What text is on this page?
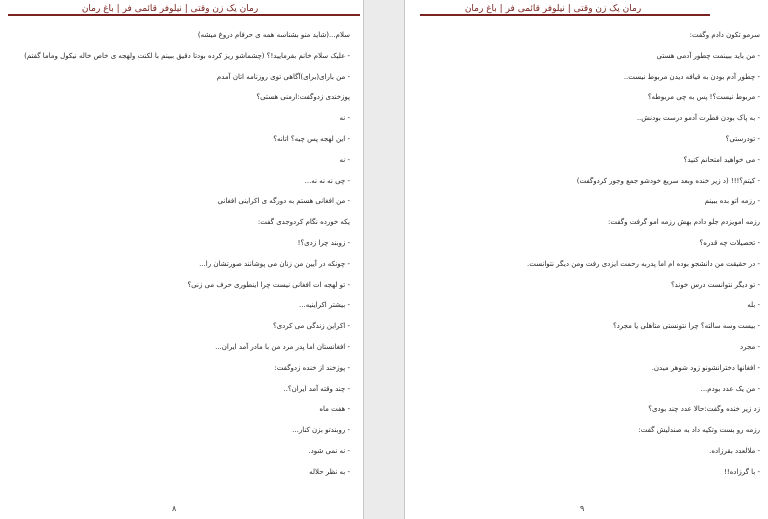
رمان یک زن وقتی | نیلوفر قائمی فر | باغ رمان
سلام...(شاید منو بشناسه همه ی حرفام دروغ میشه)
- علیک سلام خانم بفرمایید!؟ (چشماشو ریز کرده بودتا دقیق ببینم با لکنت ولهجه ی خاص خاله نیکول وماما گفتم)
- من بارای(برای)آگاهی توی روزنامه اتان آمدم
پوزخندی زدوگفت:ارمنی هستی؟
- نه
- این لهجه پس چیه؟ اتانه؟
- نه
- چی نه نه نه...
- من افغانی هستم به دورگه ی اکراینی افغانی
یکه خورده نگام کردوجدی گفت:
- زوبند چرا زدی؟!
- چونکه در آیین من زنان می پوشانند صورتشان را...
- تو لهجه ات افغانی نیست چرا اینطوری حرف می زنی؟
- بیشتر اکراینیه...
- اکراین زندگی می کردی؟
- افغانستان اما پدر مرد من با مادر آمد ایران...
- پوزخند از خنده زدوگفت:
- چند وقته آمد ایران؟..
- هفت ماه
- روبندتو بزن کنار...
- نه نمی شود.
- به نظر حلاله
۸
رمان یک زن وقتی | نیلوفر قائمی فر | باغ رمان
سرمو تکون دادم وگفت:
- من باید ببینمت چطور آدمی هستی
- چطور آدم بودن به قیافه دیدن مربوط نیست..
- مربوط نیست؟! پس به چی مربوطه؟
- به پاک بودن فطرت آدمو درست بودنش..
- تودرستی؟
- می خواهید امتحانم کنید؟
- کیتم؟!!! (د زیر خنده وبعد سریع خودشو جمع وجور کردوگفت)
- رزمه اتو بده ببینم
رزمه امویزدم جلو دادم بهش رزمه امو گرفت وگفت:
- تحصیلات چه قدره؟
- در حقیقت من دانشجو بوده ام اما پدربه رحمت ایزدی رفت ومن دیگر نتوانست.
- تو دیگر نتوانست درس خوند؟
- بله
- بیست وسه سالته؟ چرا نتونستی متاهلی یا مجرد؟
- مجرد
- افغانها دخترانشونو زود شوهر میدن.
- من یک عدد بودم...
زد زیر خنده وگفت:حالا عدد چند بودی؟
رزمه رو بست وتکیه داد به صندلیش گفت:
- ملالعدد بقرزاده.
- با گرزاده!!
۹
